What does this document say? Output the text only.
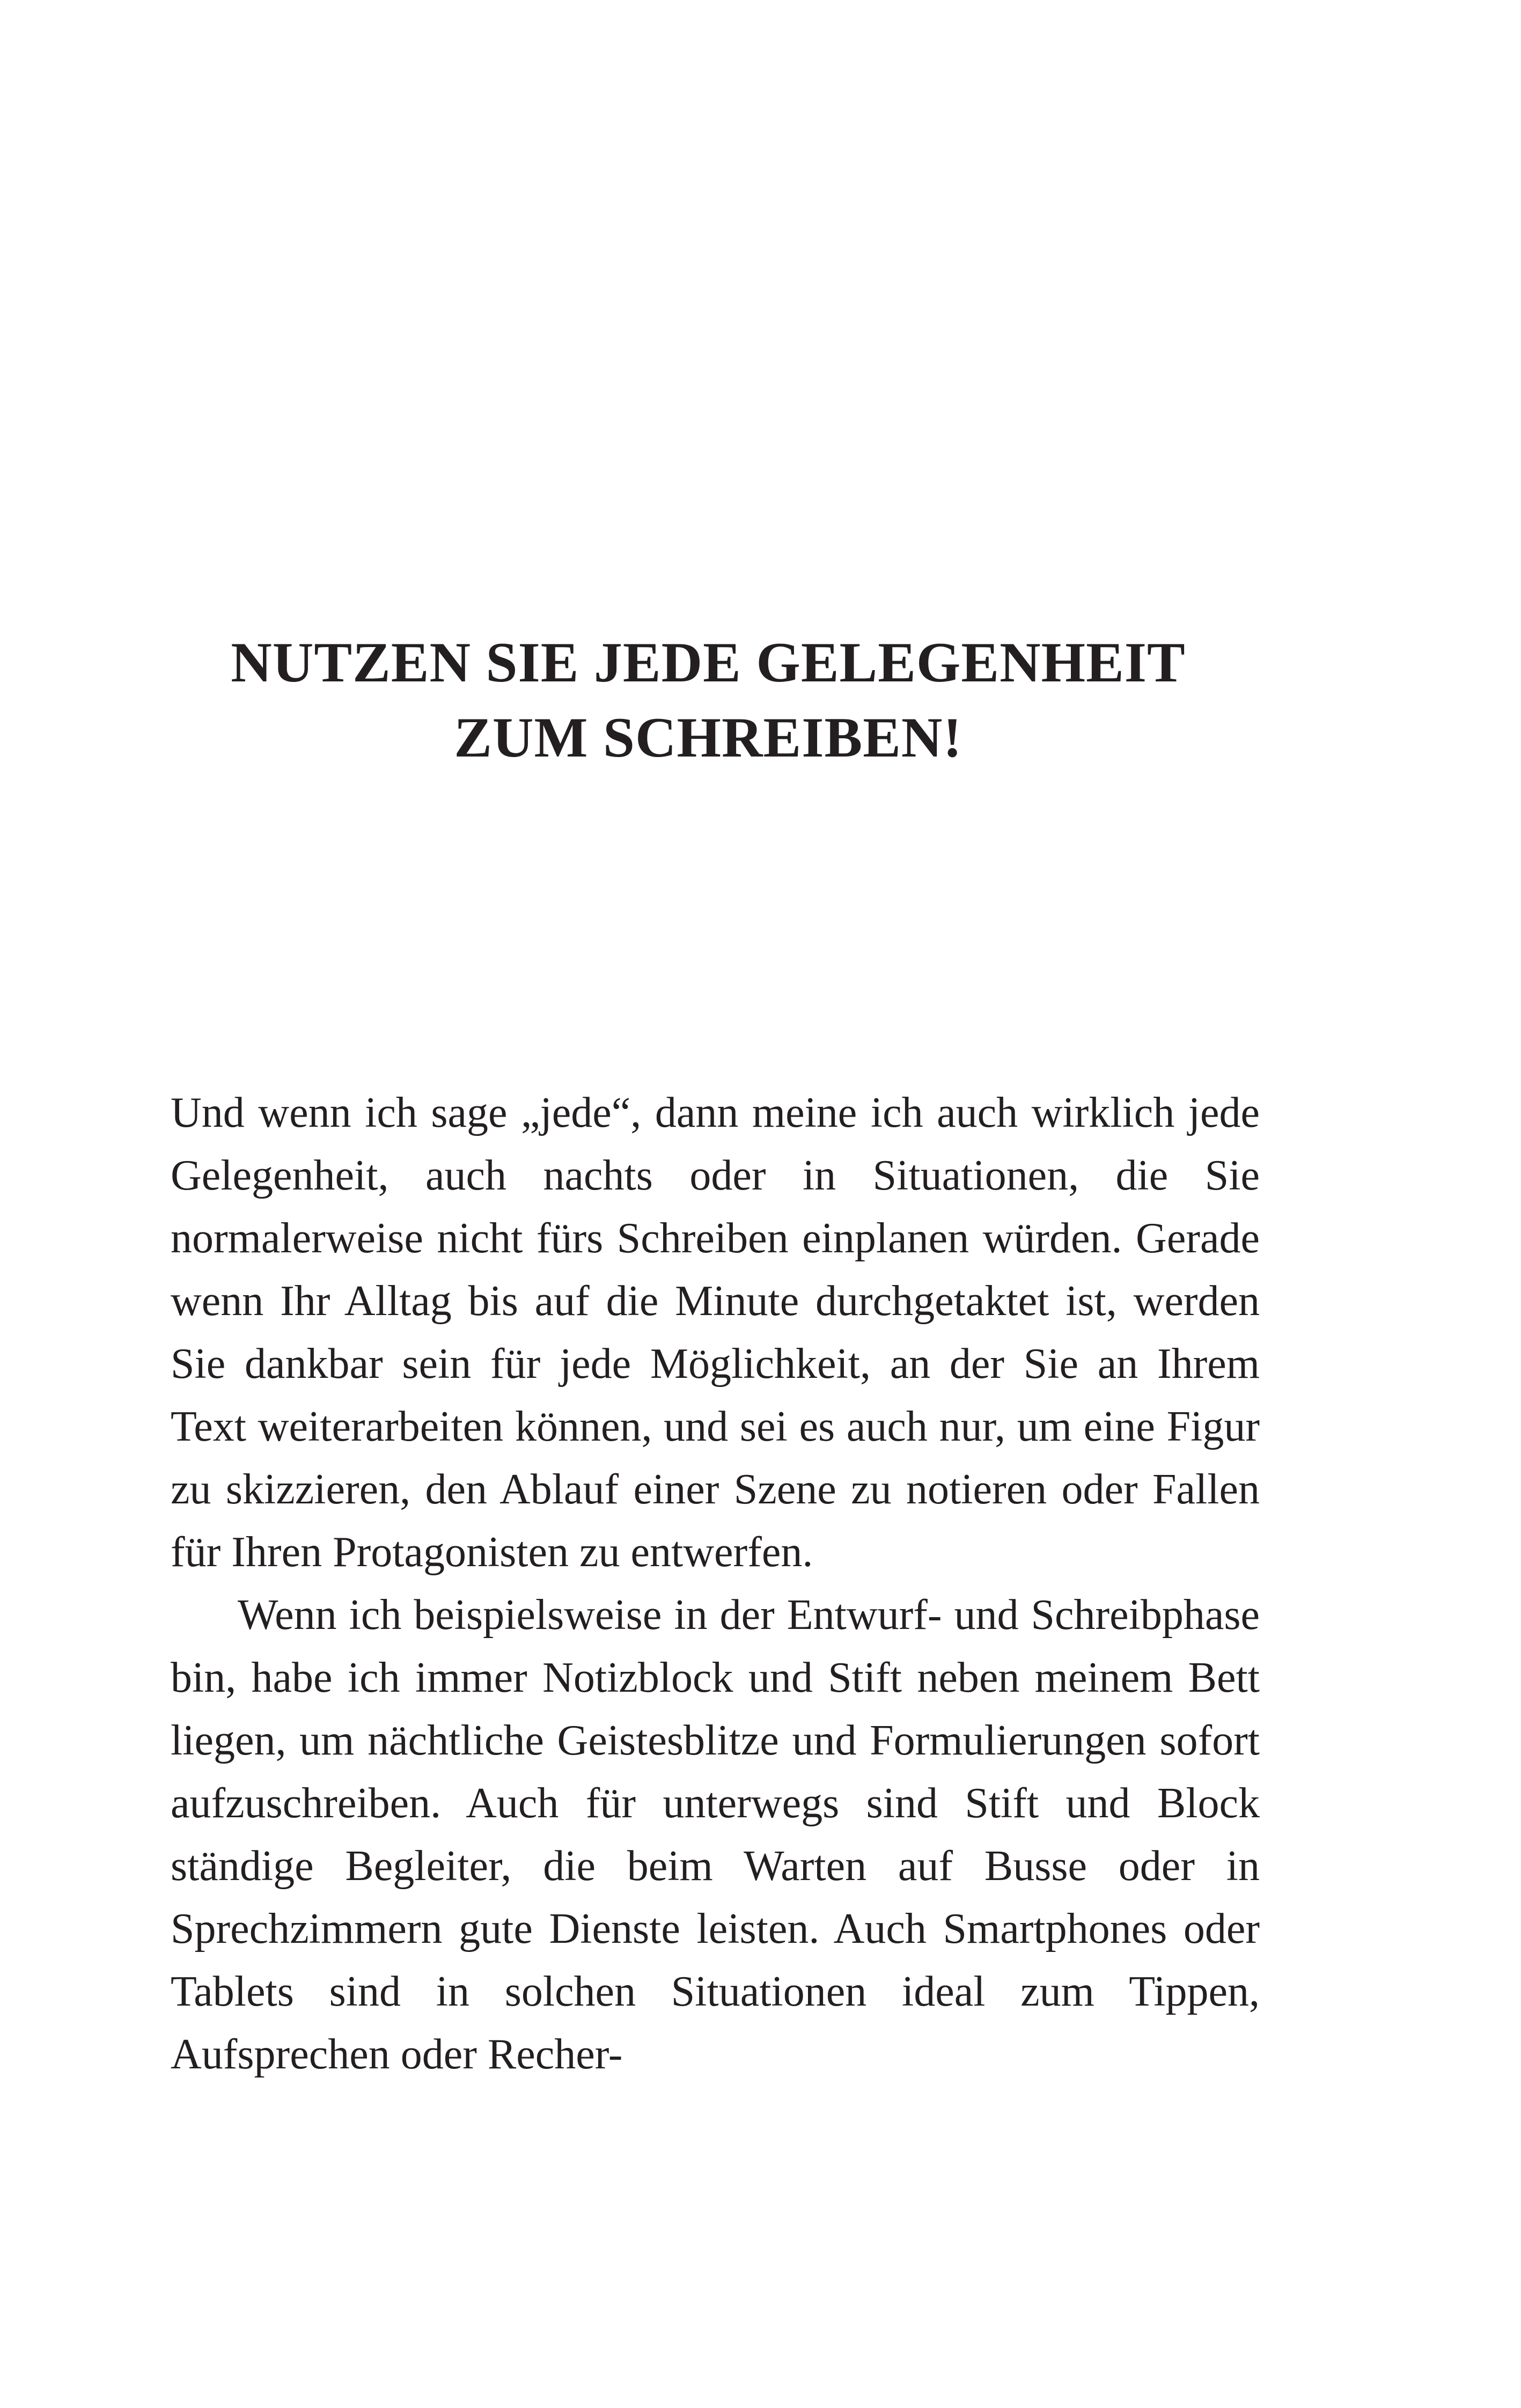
NUTZEN SIE JEDE GELEGENHEIT
ZUM SCHREIBEN!

Und wenn ich sage „jede“, dann meine ich auch wirklich jede Gelegenheit, auch nachts oder in Situationen, die Sie normalerweise nicht fürs Schreiben einplanen würden. Gerade wenn Ihr Alltag bis auf die Minute durchgetaktet ist, werden Sie dankbar sein für jede Möglichkeit, an der Sie an Ihrem Text weiterarbeiten können, und sei es auch nur, um eine Figur zu skizzieren, den Ablauf einer Szene zu notieren oder Fallen für Ihren Protagonisten zu entwerfen.

Wenn ich beispielsweise in der Entwurf- und Schreibphase bin, habe ich immer Notizblock und Stift neben meinem Bett liegen, um nächtliche Geistesblitze und Formulierungen sofort aufzuschreiben. Auch für unterwegs sind Stift und Block ständige Begleiter, die beim Warten auf Busse oder in Sprechzimmern gute Dienste leisten. Auch Smartphones oder Tablets sind in solchen Situationen ideal zum Tippen, Aufsprechen oder Recher-
